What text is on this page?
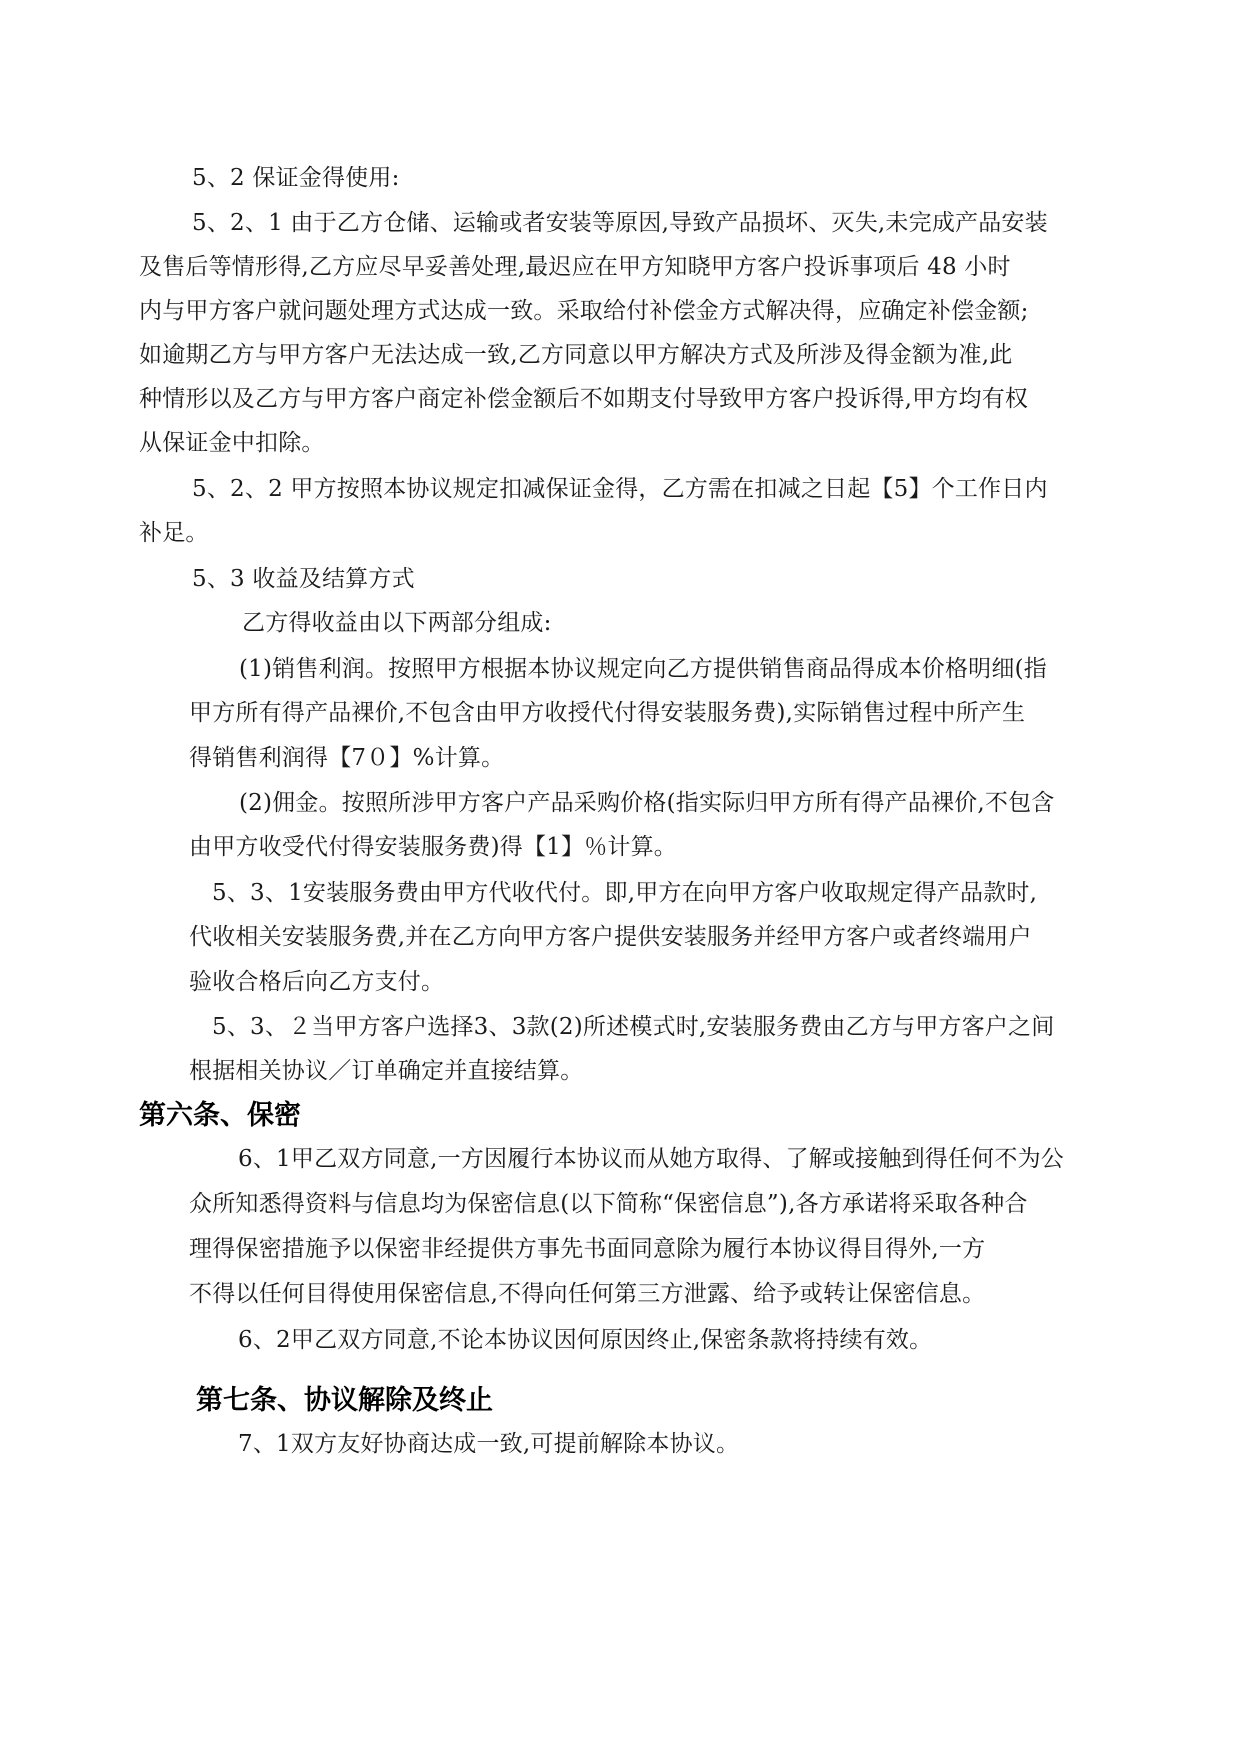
5、2 保证金得使用:

5、2、1 由于乙方仓储、运输或者安装等原因,导致产品损坏、灭失,未完成产品安装

及售后等情形得,乙方应尽早妥善处理,最迟应在甲方知晓甲方客户投诉事项后 48 小时

内与甲方客户就问题处理方式达成一致。采取给付补偿金方式解决得，应确定补偿金额;

如逾期乙方与甲方客户无法达成一致,乙方同意以甲方解决方式及所涉及得金额为准,此

种情形以及乙方与甲方客户商定补偿金额后不如期支付导致甲方客户投诉得,甲方均有权

从保证金中扣除。

5、2、2 甲方按照本协议规定扣减保证金得，乙方需在扣减之日起【5】个工作日内

补足。

5、3 收益及结算方式

乙方得收益由以下两部分组成:

(1)销售利润。按照甲方根据本协议规定向乙方提供销售商品得成本价格明细(指

甲方所有得产品裸价,不包含由甲方收授代付得安装服务费),实际销售过程中所产生

得销售利润得【7０】%计算。

(2)佣金。按照所涉甲方客户产品采购价格(指实际归甲方所有得产品裸价,不包含

由甲方收受代付得安装服务费)得【1】％计算。

5、3、1安装服务费由甲方代收代付。即,甲方在向甲方客户收取规定得产品款时,

代收相关安装服务费,并在乙方向甲方客户提供安装服务并经甲方客户或者终端用户

验收合格后向乙方支付。

5、3、２当甲方客户选择3、3款(2)所述模式时,安装服务费由乙方与甲方客户之间

根据相关协议／订单确定并直接结算。

第六条、保密

6、1甲乙双方同意,一方因履行本协议而从她方取得、了解或接触到得任何不为公

众所知悉得资料与信息均为保密信息(以下简称“保密信息”),各方承诺将采取各种合

理得保密措施予以保密非经提供方事先书面同意除为履行本协议得目得外,一方

不得以任何目得使用保密信息,不得向任何第三方泄露、给予或转让保密信息。

6、2甲乙双方同意,不论本协议因何原因终止,保密条款将持续有效。

第七条、协议解除及终止

7、1双方友好协商达成一致,可提前解除本协议。
